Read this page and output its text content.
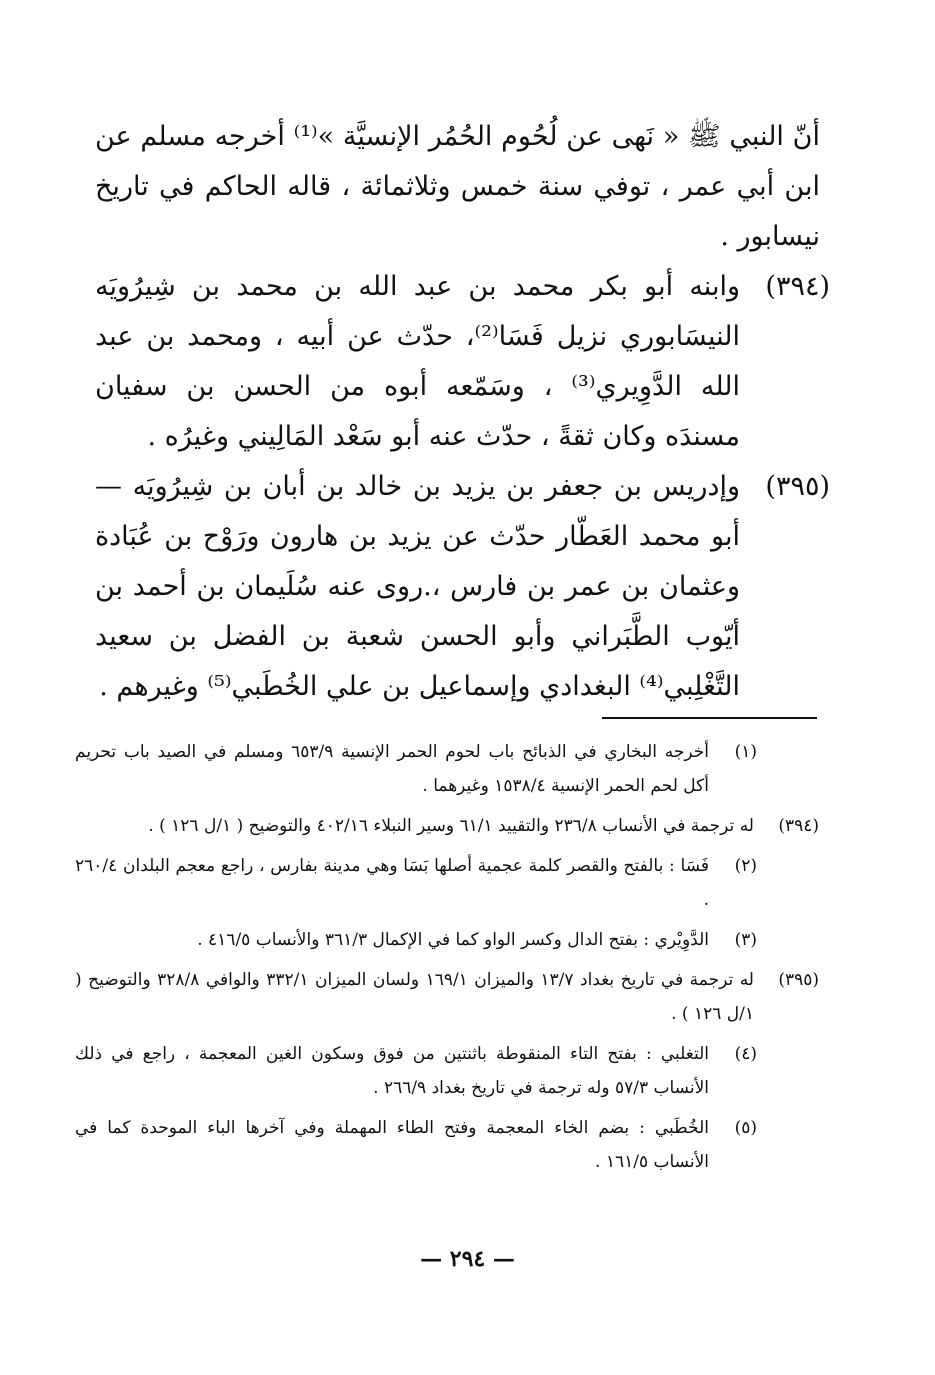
أنّ النبي ﷺ « نَهى عن لُحُوم الحُمُر الإنسيَّة »⁽¹⁾ أخرجه مسلم عن ابن أبي عمر ، توفي سنة خمس وثلاثمائة ، قاله الحاكم في تاريخ نيسابور .
(٣٩٤)
وابنه أبو بكر محمد بن عبد الله بن محمد بن شِيرُويَه النيسَابوري نزيل فَسَا⁽²⁾، حدّث عن أبيه ، ومحمد بن عبد الله الدَّوِيري⁽³⁾ ، وسَمّعه أبوه من الحسن بن سفيان مسندَه وكان ثقةً ، حدّث عنه أبو سَعْد المَالِيني وغيرُه .
(٣٩٥)
وإدريس بن جعفر بن يزيد بن خالد بن أبان بن شِيرُويَه — أبو محمد العَطّار حدّث عن يزيد بن هارون ورَوْح بن عُبَادة وعثمان بن عمر بن فارس ،.روى عنه سُلَيمان بن أحمد بن أيّوب الطَّبَراني وأبو الحسن شعبة بن الفضل بن سعيد التَّغْلِبي⁽⁴⁾ البغدادي وإسماعيل بن علي الخُطَبي⁽⁵⁾ وغيرهم .
(١)
أخرجه البخاري في الذبائح باب لحوم الحمر الإنسية ٦٥٣/٩ ومسلم في الصيد باب تحريم أكل لحم الحمر الإنسية ١٥٣٨/٤ وغيرهما .
(٣٩٤)
له ترجمة في الأنساب ٢٣٦/٨ والتقييد ٦١/١ وسير النبلاء ٤٠٢/١٦ والتوضيح ( ١/ل ١٢٦ ) .
(٢)
فَسَا : بالفتح والقصر كلمة عجمية أصلها بَسَا وهي مدينة بفارس ، راجع معجم البلدان ٢٦٠/٤ .
(٣)
الدَّوِيْري : بفتح الدال وكسر الواو كما في الإكمال ٣٦١/٣ والأنساب ٤١٦/٥ .
(٣٩٥)
له ترجمة في تاريخ بغداد ١٣/٧ والميزان ١٦٩/١ ولسان الميزان ٣٣٢/١ والوافي ٣٢٨/٨ والتوضيح ( ١/ل ١٢٦ ) .
(٤)
التغلبي : بفتح التاء المنقوطة باثنتين من فوق وسكون الغين المعجمة ، راجع في ذلك الأنساب ٥٧/٣ وله ترجمة في تاريخ بغداد ٢٦٦/٩ .
(٥)
الخُطَبي : بضم الخاء المعجمة وفتح الطاء المهملة وفي آخرها الباء الموحدة كما في الأنساب ١٦١/٥ .
— ٢٩٤ —
